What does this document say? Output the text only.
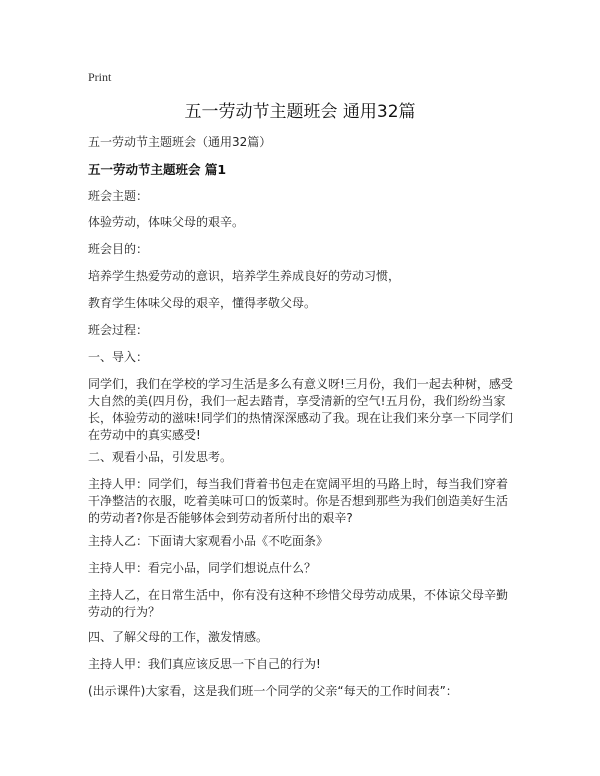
Print
五一劳动节主题班会 通用32篇
五一劳动节主题班会（通用32篇）
五一劳动节主题班会 篇1

班会主题：

体验劳动，体味父母的艰辛。

班会目的：

培养学生热爱劳动的意识，培养学生养成良好的劳动习惯，

教育学生体味父母的艰辛，懂得孝敬父母。

班会过程：

一、导入：

同学们，我们在学校的学习生活是多么有意义呀!三月份，我们一起去种树，感受大自然的美(四月份，我们一起去踏青，享受清新的空气!五月份，我们纷纷当家长，体验劳动的滋味!同学们的热情深深感动了我。现在让我们来分享一下同学们在劳动中的真实感受!

二、观看小品，引发思考。

主持人甲：同学们，每当我们背着书包走在宽阔平坦的马路上时，每当我们穿着干净整洁的衣服，吃着美味可口的饭菜时。你是否想到那些为我们创造美好生活的劳动者?你是否能够体会到劳动者所付出的艰辛?

主持人乙：下面请大家观看小品《不吃面条》

主持人甲：看完小品，同学们想说点什么？

主持人乙，在日常生活中，你有没有这种不珍惜父母劳动成果，不体谅父母辛勤劳动的行为？

四、了解父母的工作，激发情感。

主持人甲：我们真应该反思一下自己的行为!

(出示课件)大家看，这是我们班一个同学的父亲“每天的工作时间表”：
